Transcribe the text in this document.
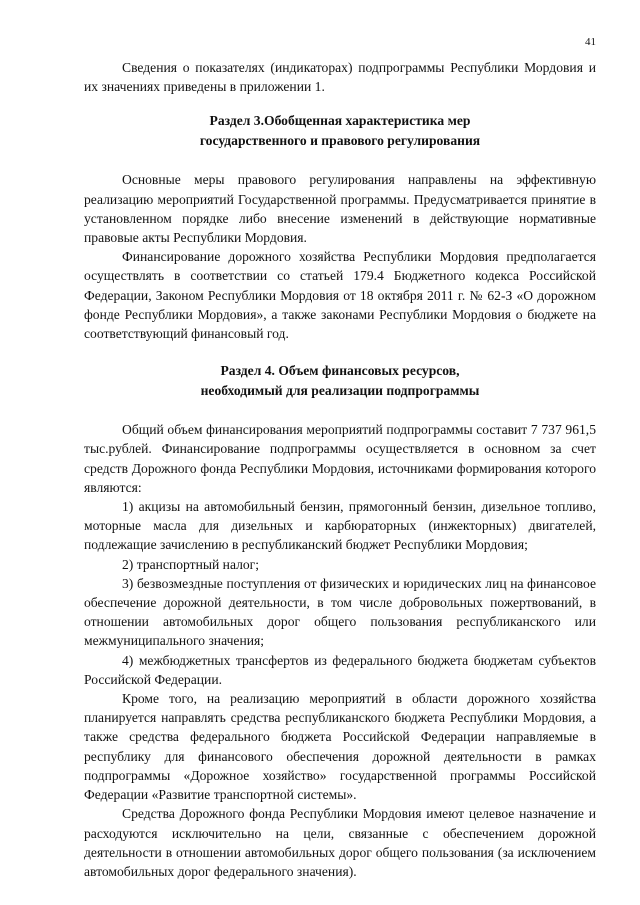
41

Сведения о показателях (индикаторах) подпрограммы Республики Мордовия и их значениях приведены в приложении 1.

Раздел 3.Обобщенная характеристика мер
государственного и правового регулирования

Основные меры правового регулирования направлены на эффективную реализацию мероприятий Государственной программы. Предусматривается принятие в установленном порядке либо внесение изменений в действующие нормативные правовые акты Республики Мордовия.

Финансирование дорожного хозяйства Республики Мордовия предполагается осуществлять в соответствии со статьей 179.4 Бюджетного кодекса Российской Федерации, Законом Республики Мордовия от 18 октября 2011 г. № 62-З «О дорожном фонде Республики Мордовия», а также законами Республики Мордовия о бюджете на соответствующий финансовый год.

Раздел 4. Объем финансовых ресурсов,
необходимый для реализации подпрограммы

Общий объем финансирования мероприятий подпрограммы составит 7 737 961,5 тыс.рублей. Финансирование подпрограммы осуществляется в основном за счет средств Дорожного фонда Республики Мордовия, источниками формирования которого являются:

1) акцизы на автомобильный бензин, прямогонный бензин, дизельное топливо, моторные масла для дизельных и карбюраторных (инжекторных) двигателей, подлежащие зачислению в республиканский бюджет Республики Мордовия;

2) транспортный налог;

3) безвозмездные поступления от физических и юридических лиц на финансовое обеспечение дорожной деятельности, в том числе добровольных пожертвований, в отношении автомобильных дорог общего пользования республиканского или межмуниципального значения;

4) межбюджетных трансфертов из федерального бюджета бюджетам субъектов Российской Федерации.

Кроме того, на реализацию мероприятий в области дорожного хозяйства планируется направлять средства республиканского бюджета Республики Мордовия, а также средства федерального бюджета Российской Федерации направляемые в республику для финансового обеспечения дорожной деятельности в рамках подпрограммы «Дорожное хозяйство» государственной программы Российской Федерации «Развитие транспортной системы».

Средства Дорожного фонда Республики Мордовия имеют целевое назначение и расходуются исключительно на цели, связанные с обеспечением дорожной деятельности в отношении автомобильных дорог общего пользования (за исключением автомобильных дорог федерального значения).
